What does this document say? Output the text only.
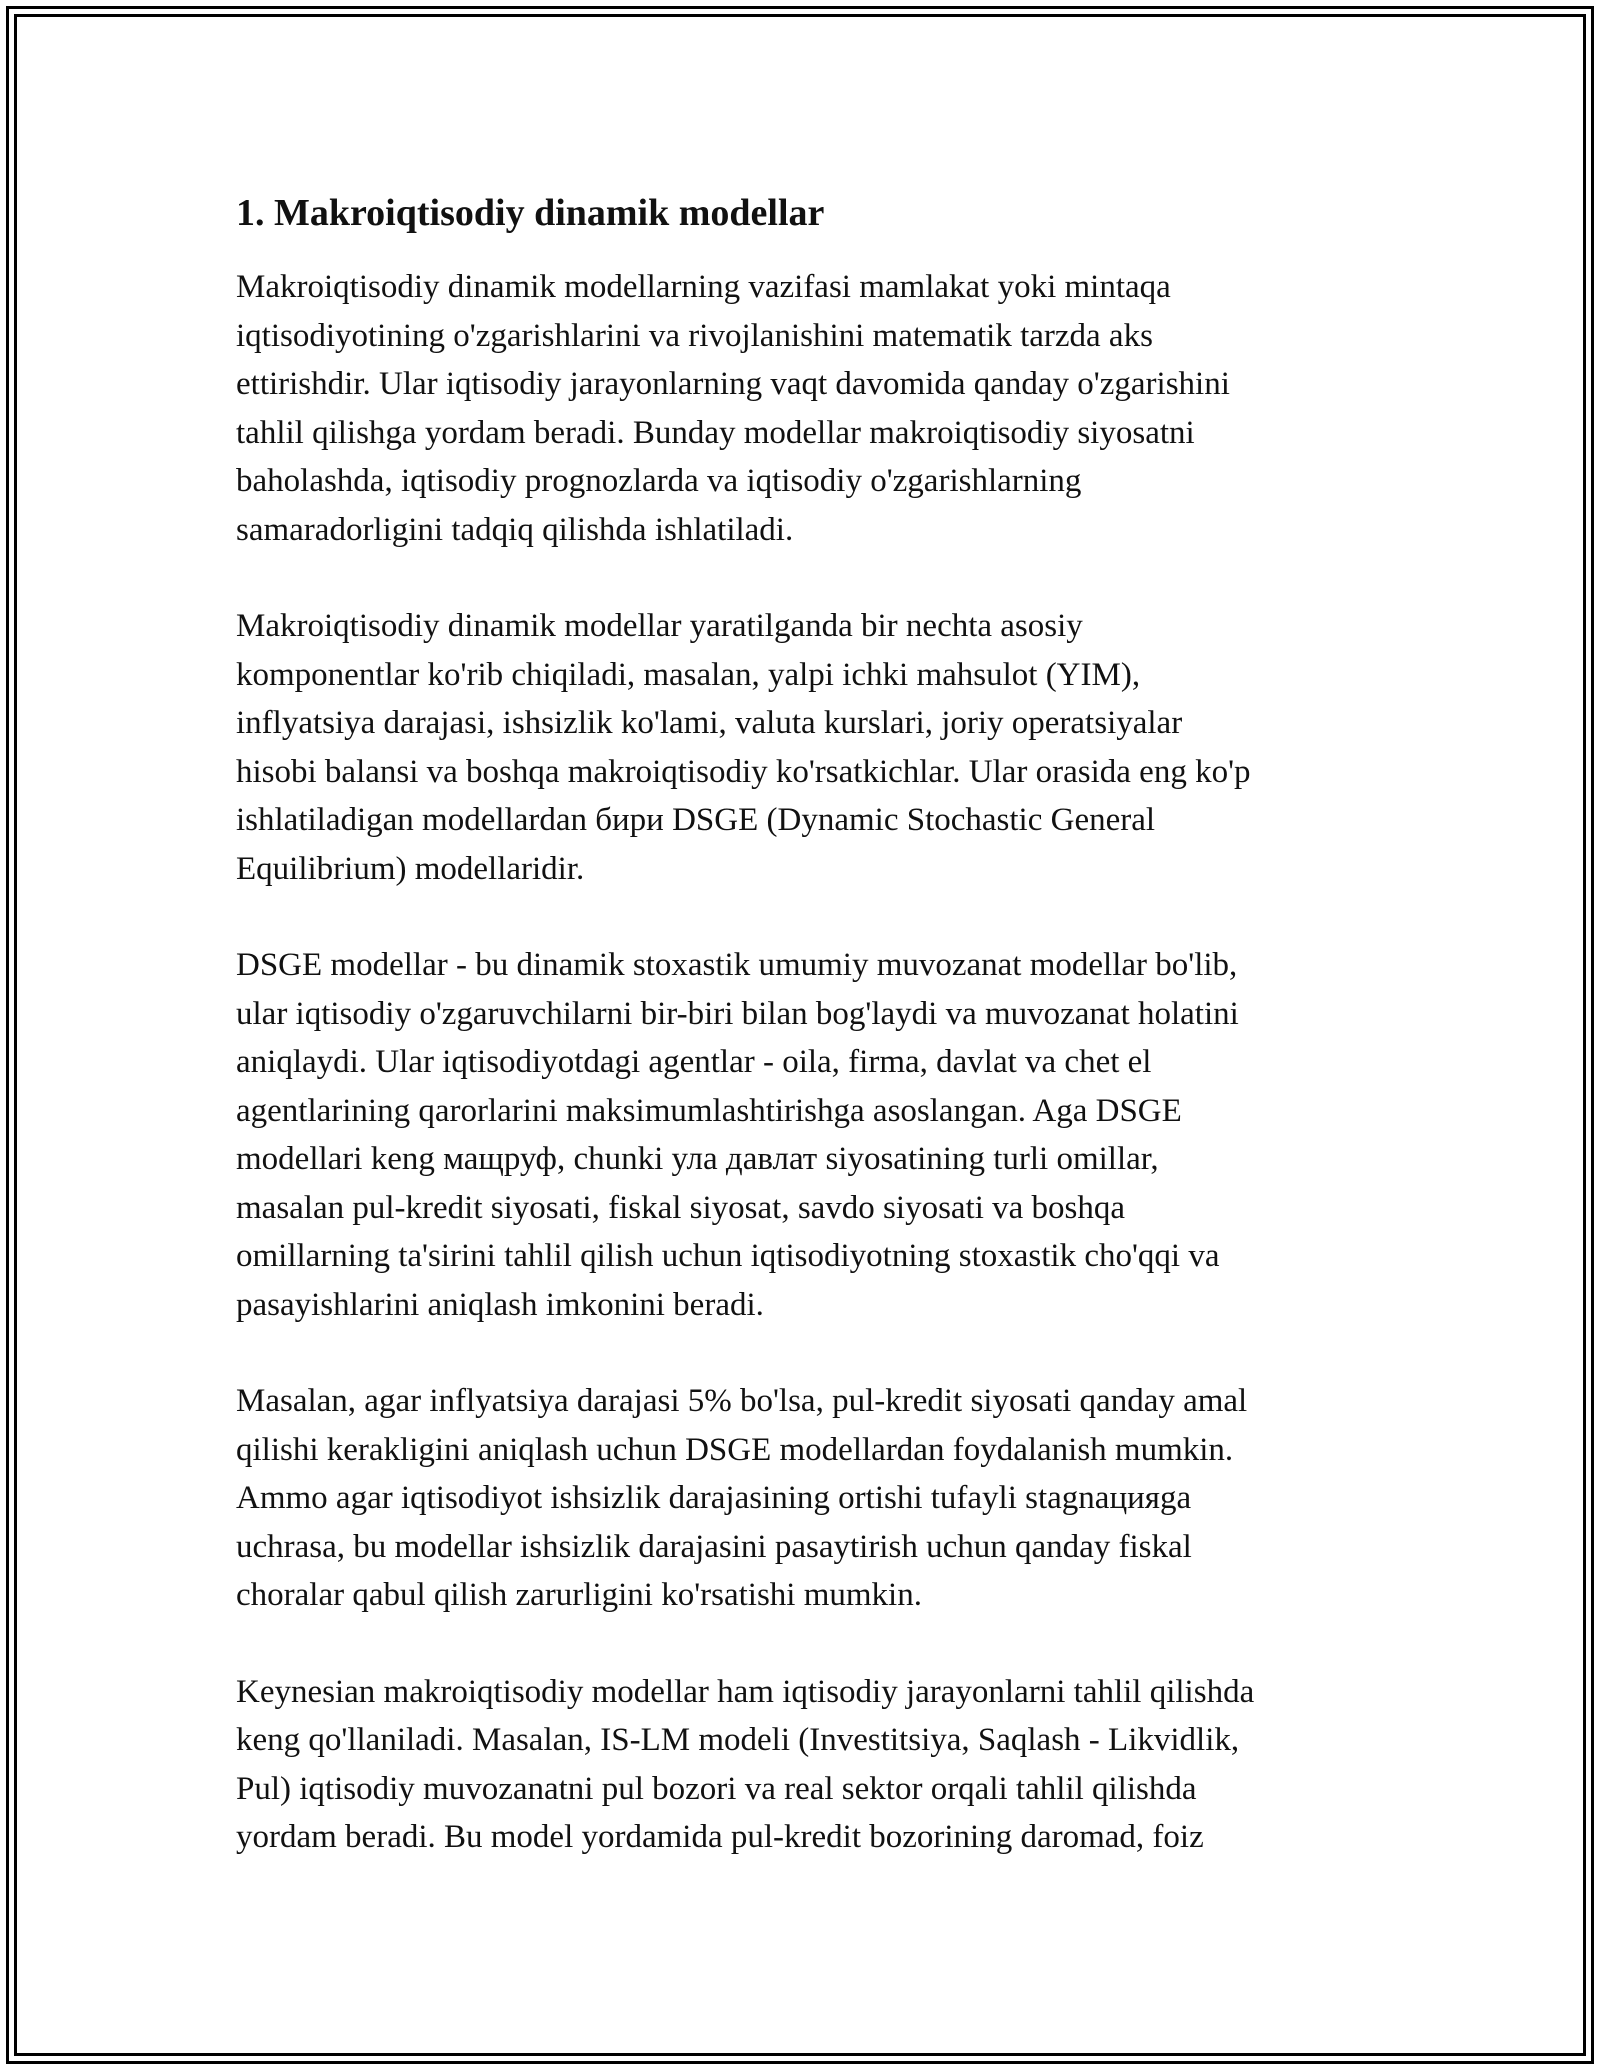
1. Makroiqtisodiy dinamik modellar

Makroiqtisodiy dinamik modellarning vazifasi mamlakat yoki mintaqa
iqtisodiyotining o'zgarishlarini va rivojlanishini matematik tarzda aks
ettirishdir. Ular iqtisodiy jarayonlarning vaqt davomida qanday o'zgarishini
tahlil qilishga yordam beradi. Bunday modellar makroiqtisodiy siyosatni
baholashda, iqtisodiy prognozlarda va iqtisodiy o'zgarishlarning
samaradorligini tadqiq qilishda ishlatiladi.

Makroiqtisodiy dinamik modellar yaratilganda bir nechta asosiy
komponentlar ko'rib chiqiladi, masalan, yalpi ichki mahsulot (YIM),
inflyatsiya darajasi, ishsizlik ko'lami, valuta kurslari, joriy operatsiyalar
hisobi balansi va boshqa makroiqtisodiy ko'rsatkichlar. Ular orasida eng ko'p
ishlatiladigan modellardan бири DSGE (Dynamic Stochastic General
Equilibrium) modellaridir.

DSGE modellar - bu dinamik stoxastik umumiy muvozanat modellar bo'lib,
ular iqtisodiy o'zgaruvchilarni bir-biri bilan bog'laydi va muvozanat holatini
aniqlaydi. Ular iqtisodiyotdagi agentlar - oila, firma, davlat va chet el
agentlarining qarorlarini maksimumlashtirishga asoslangan. Aga DSGE
modellari keng мащруф, chunki ула давлат siyosatining turli omillar,
masalan pul-kredit siyosati, fiskal siyosat, savdo siyosati va boshqa
omillarning ta'sirini tahlil qilish uchun iqtisodiyotning stoxastik cho'qqi va
pasayishlarini aniqlash imkonini beradi.

Masalan, agar inflyatsiya darajasi 5% bo'lsa, pul-kredit siyosati qanday amal
qilishi kerakligini aniqlash uchun DSGE modellardan foydalanish mumkin.
Ammo agar iqtisodiyot ishsizlik darajasining ortishi tufayli stagnацияga
uchrasa, bu modellar ishsizlik darajasini pasaytirish uchun qanday fiskal
choralar qabul qilish zarurligini ko'rsatishi mumkin.

Keynesian makroiqtisodiy modellar ham iqtisodiy jarayonlarni tahlil qilishda
keng qo'llaniladi. Masalan, IS-LM modeli (Investitsiya, Saqlash - Likvidlik,
Pul) iqtisodiy muvozanatni pul bozori va real sektor orqali tahlil qilishda
yordam beradi. Bu model yordamida pul-kredit bozorining daromad, foiz
